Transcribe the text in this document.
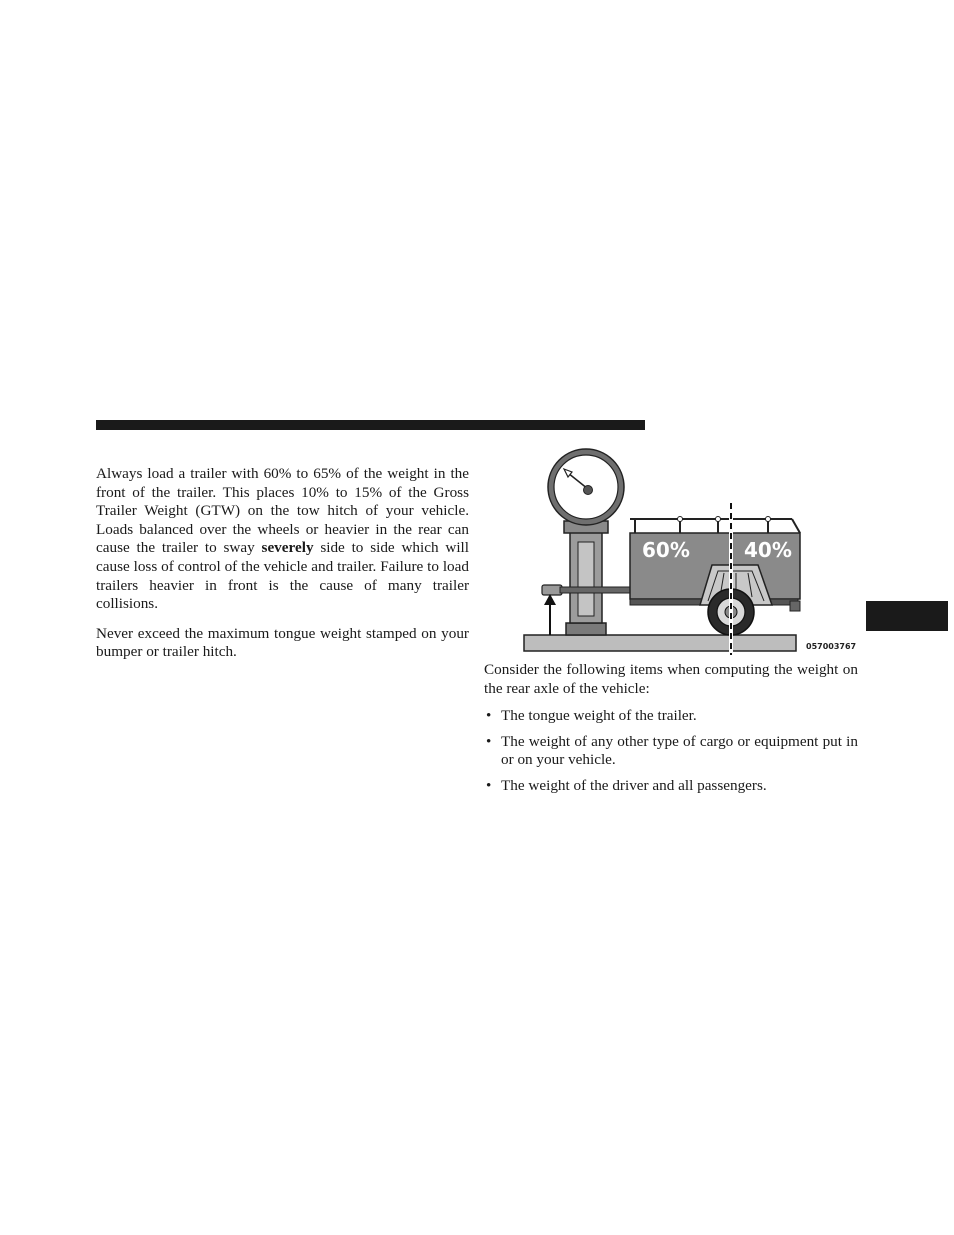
Always load a trailer with 60% to 65% of the weight in the front of the trailer. This places 10% to 15% of the Gross Trailer Weight (GTW) on the tow hitch of your vehicle. Loads balanced over the wheels or heavier in the rear can cause the trailer to sway severely side to side which will cause loss of control of the vehicle and trailer. Failure to load trailers heavier in front is the cause of many trailer collisions.

Never exceed the maximum tongue weight stamped on your bumper or trailer hitch.

60%	40%
057003767

Consider the following items when computing the weight on the rear axle of the vehicle:

• The tongue weight of the trailer.
• The weight of any other type of cargo or equipment put in or on your vehicle.
• The weight of the driver and all passengers.
